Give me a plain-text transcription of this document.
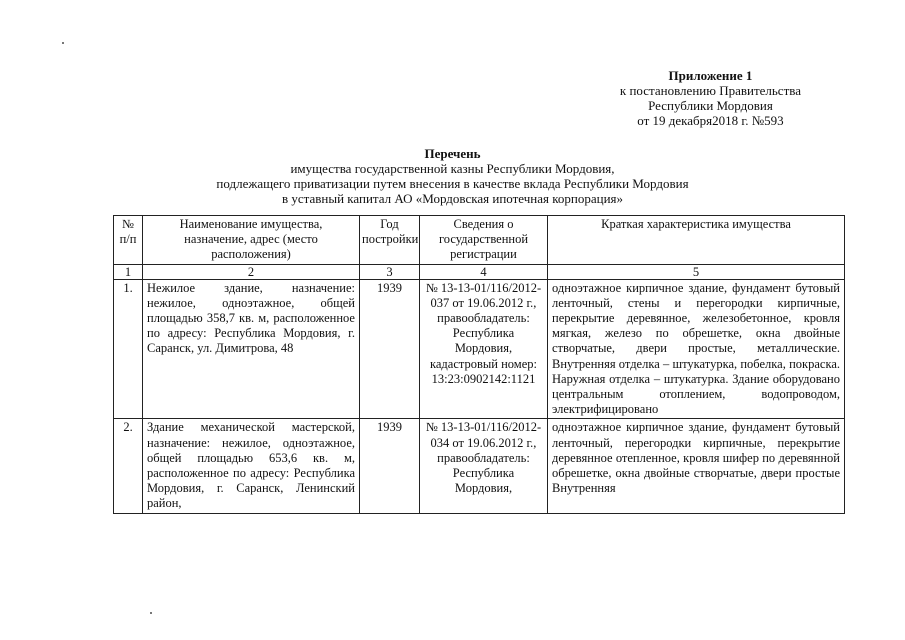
Приложение 1
к постановлению Правительства
Республики Мордовия
от 19 декабря2018 г. №593
Перечень
имущества государственной казны Республики Мордовия,
подлежащего приватизации путем внесения в качестве вклада Республики Мордовия
в уставный капитал АО «Мордовская ипотечная корпорация»
№ п/п	Наименование имущества, назначение, адрес (место расположения)	Год постройки	Сведения о государственной регистрации	Краткая характеристика имущества
1	2	3	4	5
1.	Нежилое здание, назначение: нежилое, одноэтажное, общей площадью 358,7 кв. м, расположенное по адресу: Республика Мордовия, г. Саранск, ул. Димитрова, 48	1939	№ 13-13-01/116/2012-037 от 19.06.2012 г., правообладатель: Республика Мордовия, кадастровый номер: 13:23:0902142:1121	одноэтажное кирпичное здание, фундамент бутовый ленточный, стены и перегородки кирпичные, перекрытие деревянное, железобетонное, кровля мягкая, железо по обрешетке, окна двойные створчатые, двери простые, металлические. Внутренняя отделка – штукатурка, побелка, покраска. Наружная отделка – штукатурка. Здание оборудовано центральным отоплением, водопроводом, электрифицировано
2.	Здание механической мастерской, назначение: нежилое, одноэтажное, общей площадью 653,6 кв. м, расположенное по адресу: Республика Мордовия, г. Саранск, Ленинский район,	1939	№ 13-13-01/116/2012-034 от 19.06.2012 г., правообладатель: Республика Мордовия,	одноэтажное кирпичное здание, фундамент бутовый ленточный, перегородки кирпичные, перекрытие деревянное отепленное, кровля шифер по деревянной обрешетке, окна двойные створчатые, двери простые Внутренняя
